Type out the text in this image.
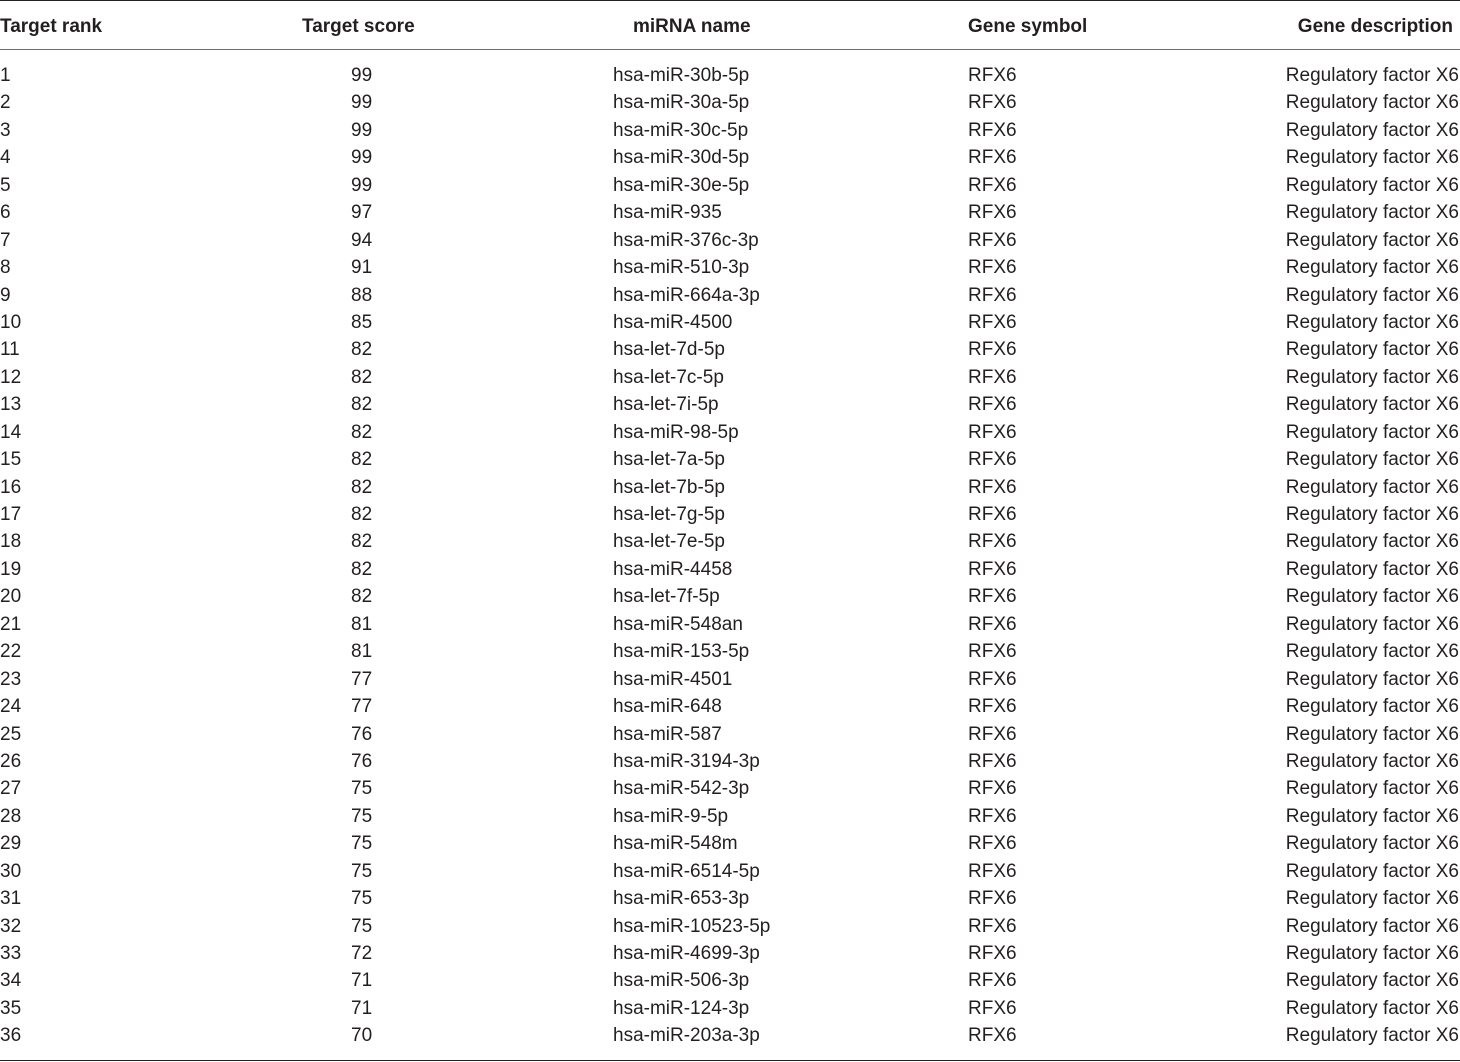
Target rank	Target score	miRNA name	Gene symbol	Gene description
1	99	hsa-miR-30b-5p	RFX6	Regulatory factor X6
2	99	hsa-miR-30a-5p	RFX6	Regulatory factor X6
3	99	hsa-miR-30c-5p	RFX6	Regulatory factor X6
4	99	hsa-miR-30d-5p	RFX6	Regulatory factor X6
5	99	hsa-miR-30e-5p	RFX6	Regulatory factor X6
6	97	hsa-miR-935	RFX6	Regulatory factor X6
7	94	hsa-miR-376c-3p	RFX6	Regulatory factor X6
8	91	hsa-miR-510-3p	RFX6	Regulatory factor X6
9	88	hsa-miR-664a-3p	RFX6	Regulatory factor X6
10	85	hsa-miR-4500	RFX6	Regulatory factor X6
11	82	hsa-let-7d-5p	RFX6	Regulatory factor X6
12	82	hsa-let-7c-5p	RFX6	Regulatory factor X6
13	82	hsa-let-7i-5p	RFX6	Regulatory factor X6
14	82	hsa-miR-98-5p	RFX6	Regulatory factor X6
15	82	hsa-let-7a-5p	RFX6	Regulatory factor X6
16	82	hsa-let-7b-5p	RFX6	Regulatory factor X6
17	82	hsa-let-7g-5p	RFX6	Regulatory factor X6
18	82	hsa-let-7e-5p	RFX6	Regulatory factor X6
19	82	hsa-miR-4458	RFX6	Regulatory factor X6
20	82	hsa-let-7f-5p	RFX6	Regulatory factor X6
21	81	hsa-miR-548an	RFX6	Regulatory factor X6
22	81	hsa-miR-153-5p	RFX6	Regulatory factor X6
23	77	hsa-miR-4501	RFX6	Regulatory factor X6
24	77	hsa-miR-648	RFX6	Regulatory factor X6
25	76	hsa-miR-587	RFX6	Regulatory factor X6
26	76	hsa-miR-3194-3p	RFX6	Regulatory factor X6
27	75	hsa-miR-542-3p	RFX6	Regulatory factor X6
28	75	hsa-miR-9-5p	RFX6	Regulatory factor X6
29	75	hsa-miR-548m	RFX6	Regulatory factor X6
30	75	hsa-miR-6514-5p	RFX6	Regulatory factor X6
31	75	hsa-miR-653-3p	RFX6	Regulatory factor X6
32	75	hsa-miR-10523-5p	RFX6	Regulatory factor X6
33	72	hsa-miR-4699-3p	RFX6	Regulatory factor X6
34	71	hsa-miR-506-3p	RFX6	Regulatory factor X6
35	71	hsa-miR-124-3p	RFX6	Regulatory factor X6
36	70	hsa-miR-203a-3p	RFX6	Regulatory factor X6
